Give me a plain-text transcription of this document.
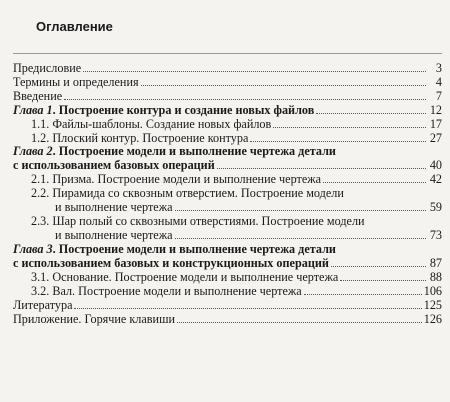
Оглавление
Предисловие	3
Термины и определения	4
Введение	7
Глава 1. Построение контура и создание новых файлов	12
1.1. Файлы-шаблоны. Создание новых файлов	17
1.2. Плоский контур. Построение контура	27
Глава 2. Построение модели и выполнение чертежа детали
с использованием базовых операций	40
2.1. Призма. Построение модели и выполнение чертежа	42
2.2. Пирамида со сквозным отверстием. Построение модели
и выполнение чертежа	59
2.3. Шар полый со сквозными отверстиями. Построение модели
и выполнение чертежа	73
Глава 3. Построение модели и выполнение чертежа детали
с использованием базовых и конструкционных операций	87
3.1. Основание. Построение модели и выполнение чертежа	88
3.2. Вал. Построение модели и выполнение чертежа	106
Литература	125
Приложение. Горячие клавиши	126
